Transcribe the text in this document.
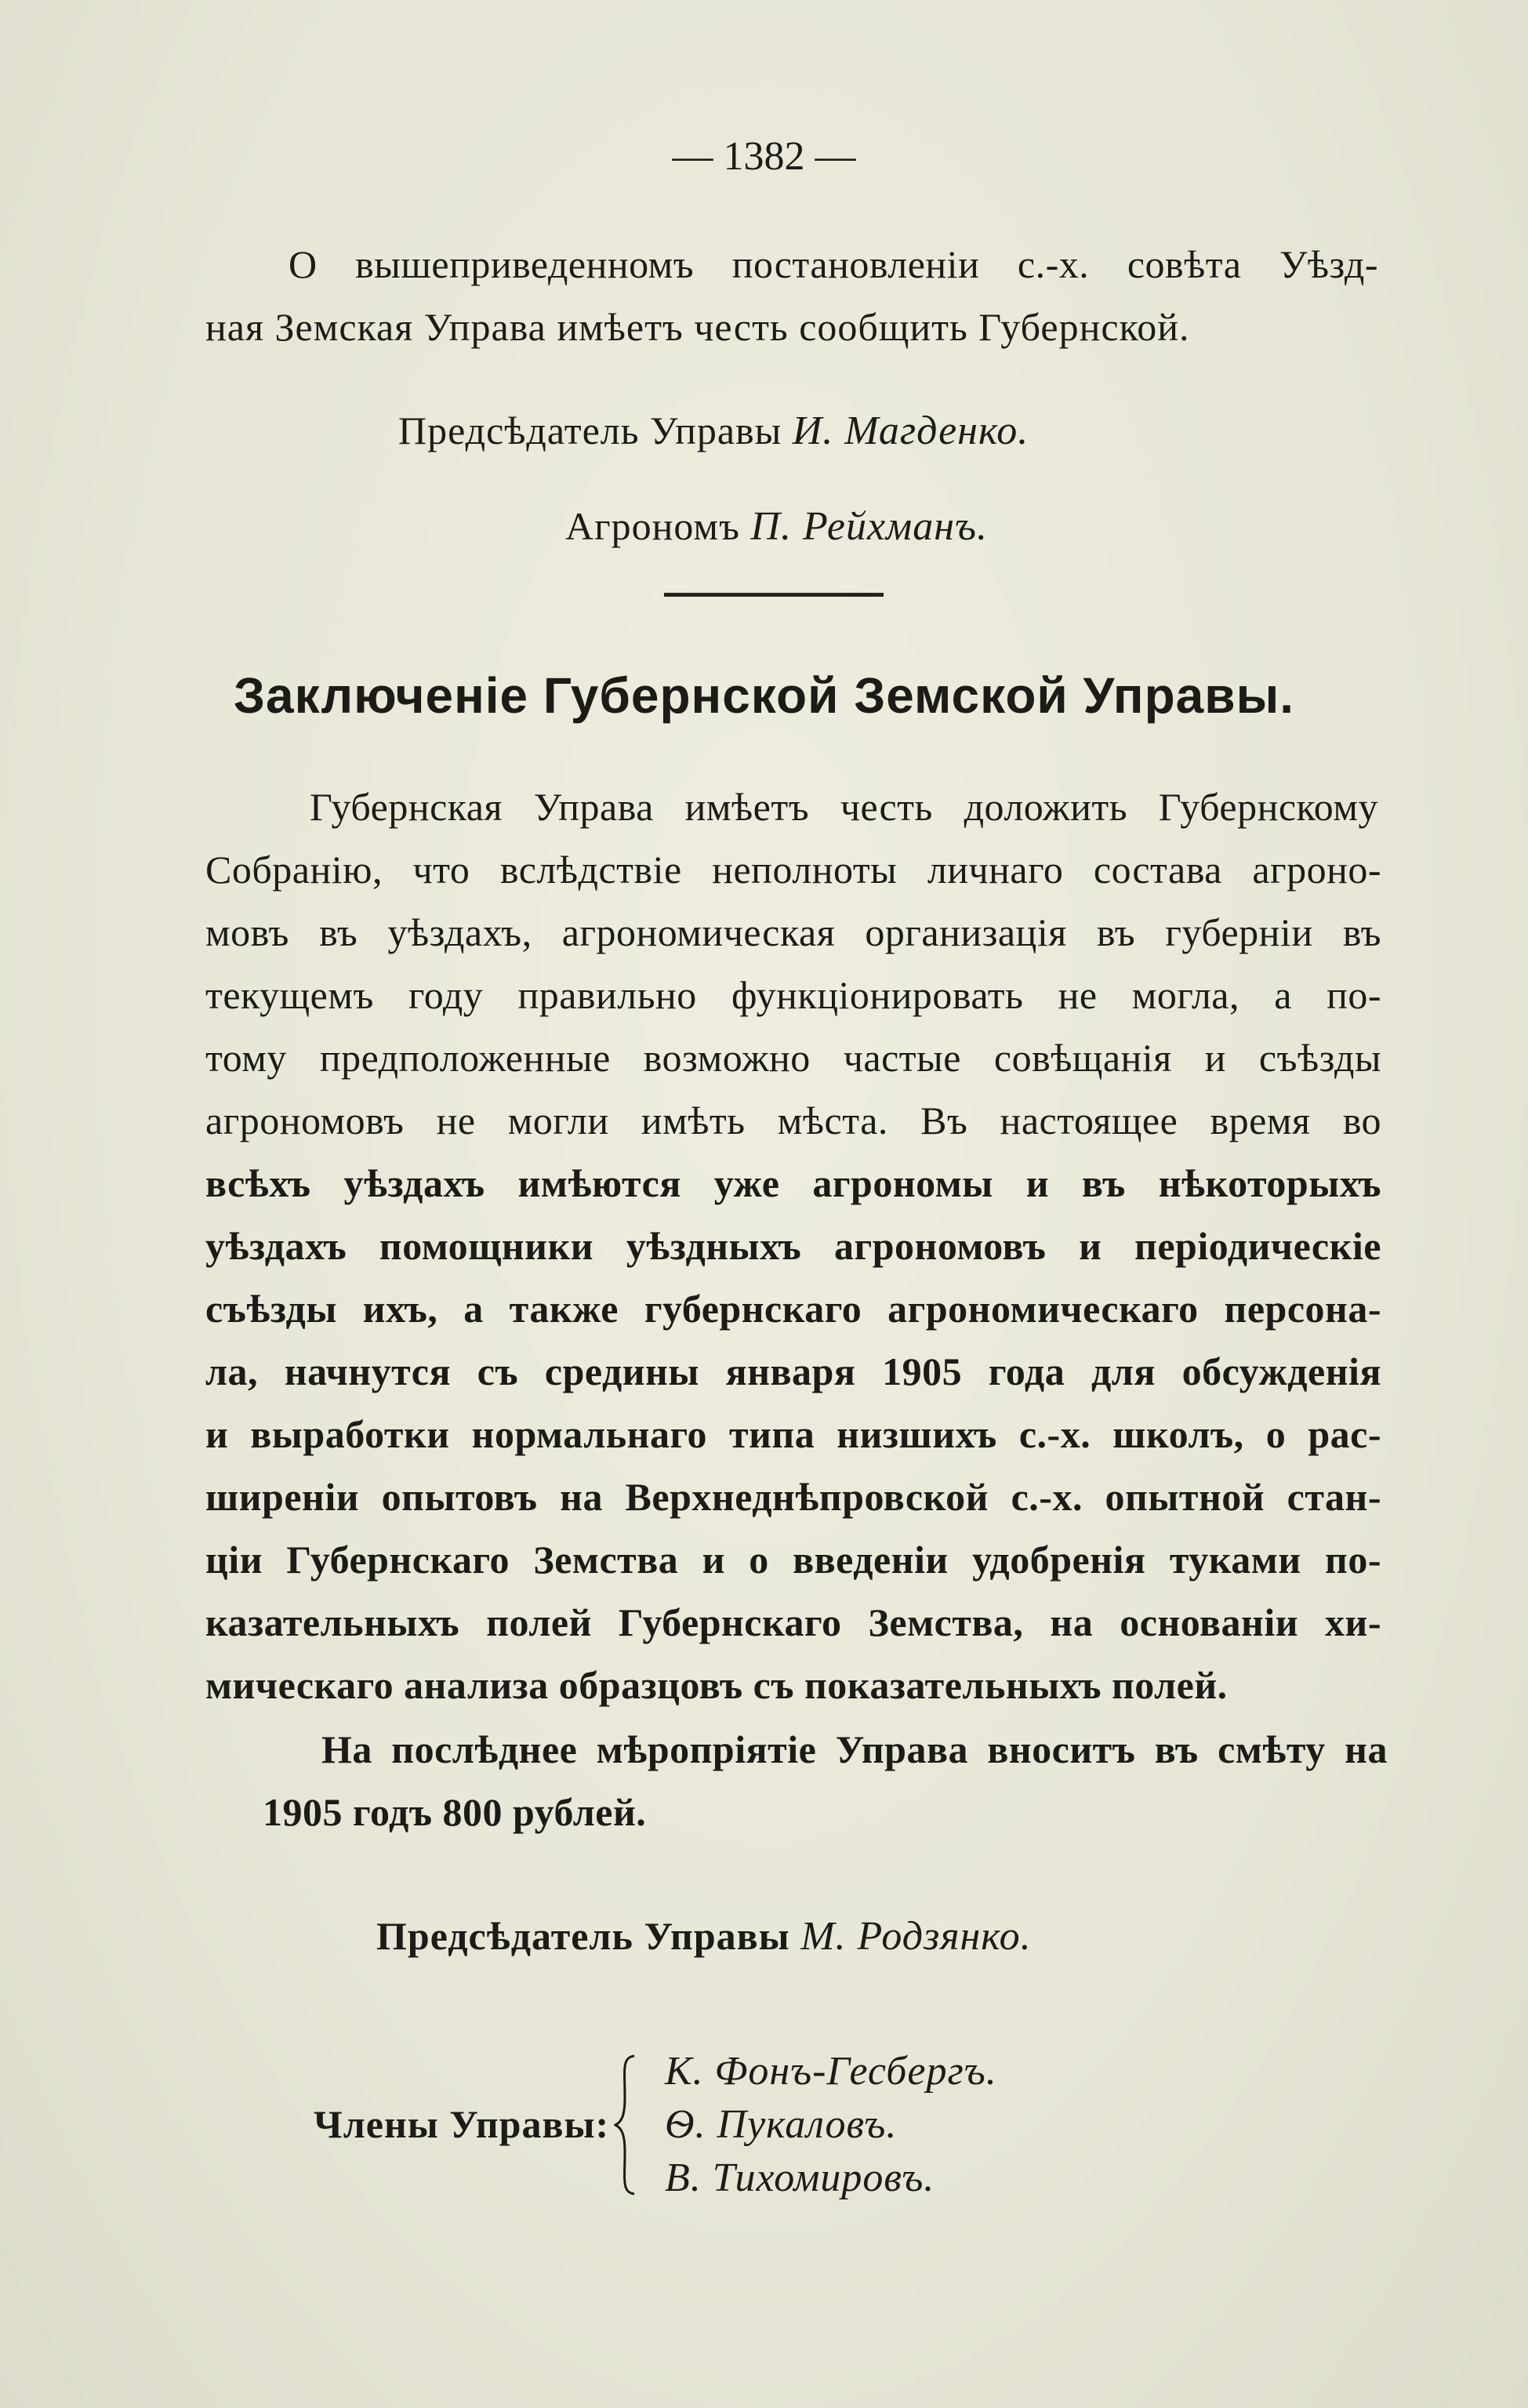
— 1382 —

О вышеприведенномъ постановленіи с.-х. совѣта Уѣзд-

ная Земская Управа имѣетъ честь сообщить Губернской.

Предсѣдатель Управы И. Магденко.

Агрономъ П. Рейхманъ.

Заключеніе Губернской Земской Управы.

Губернская Управа имѣетъ честь доложить Губернскому

Собранію, что вслѣдствіе неполноты личнаго состава агроно-

мовъ въ уѣздахъ, агрономическая организація въ губерніи въ

текущемъ году правильно функціонировать не могла, а по-

тому предположенные возможно частые совѣщанія и съѣзды

агрономовъ не могли имѣть мѣста. Въ настоящее время во

всѣхъ уѣздахъ имѣются уже агрономы и въ нѣкоторыхъ

уѣздахъ помощники уѣздныхъ агрономовъ и періодическіе

съѣзды ихъ, а также губернскаго агрономическаго персона-

ла, начнутся съ средины января 1905 года для обсужденія

и выработки нормальнаго типа низшихъ с.-х. школъ, о рас-

ширеніи опытовъ на Верхнеднѣпровской с.-х. опытной стан-

ціи Губернскаго Земства и о введеніи удобренія туками по-

казательныхъ полей Губернскаго Земства, на основаніи хи-

мическаго анализа образцовъ съ показательныхъ полей.

На послѣднее мѣропріятіе Управа вноситъ въ смѣту на

1905 годъ 800 рублей.

Предсѣдатель Управы М. Родзянко.

Члены Управы:

К. Фонъ-Гесбергъ.

Ѳ. Пукаловъ.

В. Тихомировъ.
